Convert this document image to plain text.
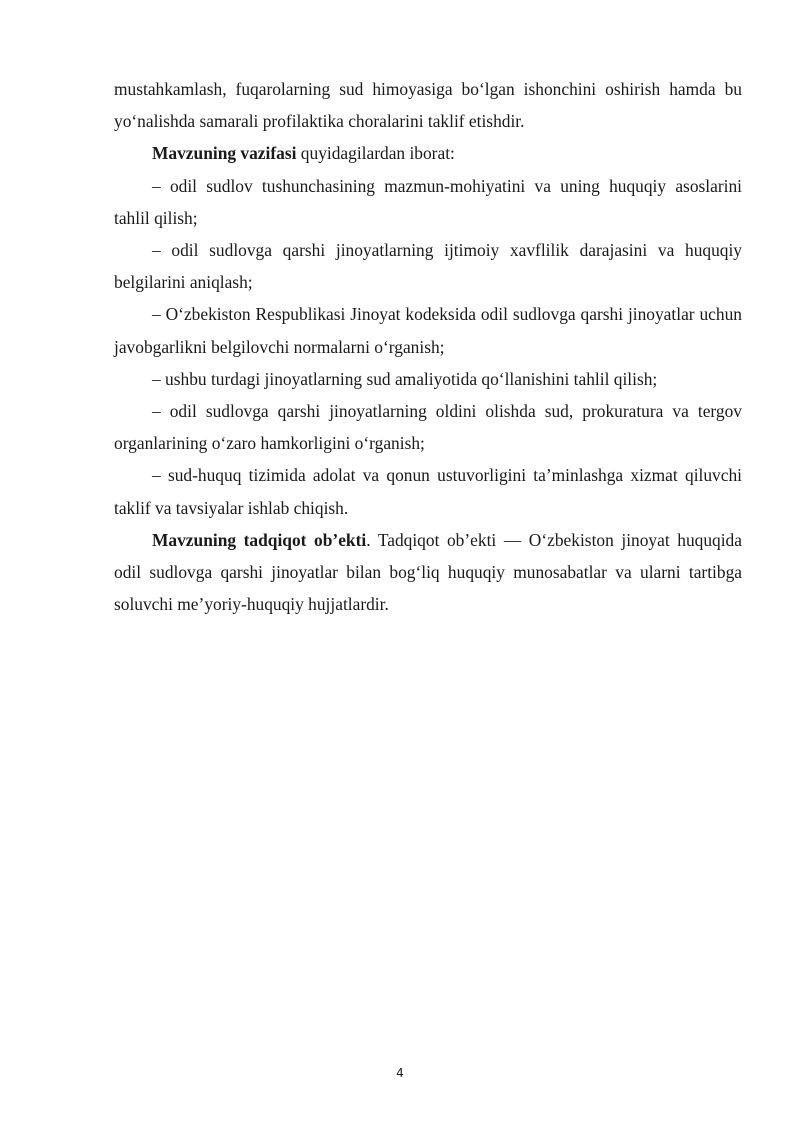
mustahkamlash, fuqarolarning sud himoyasiga bo‘lgan ishonchini oshirish hamda bu yo‘nalishda samarali profilaktika choralarini taklif etishdir.

Mavzuning vazifasi quyidagilardan iborat:

– odil sudlov tushunchasining mazmun-mohiyatini va uning huquqiy asoslarini tahlil qilish;

– odil sudlovga qarshi jinoyatlarning ijtimoiy xavflilik darajasini va huquqiy belgilarini aniqlash;

– O‘zbekiston Respublikasi Jinoyat kodeksida odil sudlovga qarshi jinoyatlar uchun javobgarlikni belgilovchi normalarni o‘rganish;

– ushbu turdagi jinoyatlarning sud amaliyotida qo‘llanishini tahlil qilish;

– odil sudlovga qarshi jinoyatlarning oldini olishda sud, prokuratura va tergov organlarining o‘zaro hamkorligini o‘rganish;

– sud-huquq tizimida adolat va qonun ustuvorligini ta’minlashga xizmat qiluvchi taklif va tavsiyalar ishlab chiqish.

Mavzuning tadqiqot ob’ekti. Tadqiqot ob’ekti — O‘zbekiston jinoyat huquqida odil sudlovga qarshi jinoyatlar bilan bog‘liq huquqiy munosabatlar va ularni tartibga soluvchi me’yoriy-huquqiy hujjatlardir.

4
